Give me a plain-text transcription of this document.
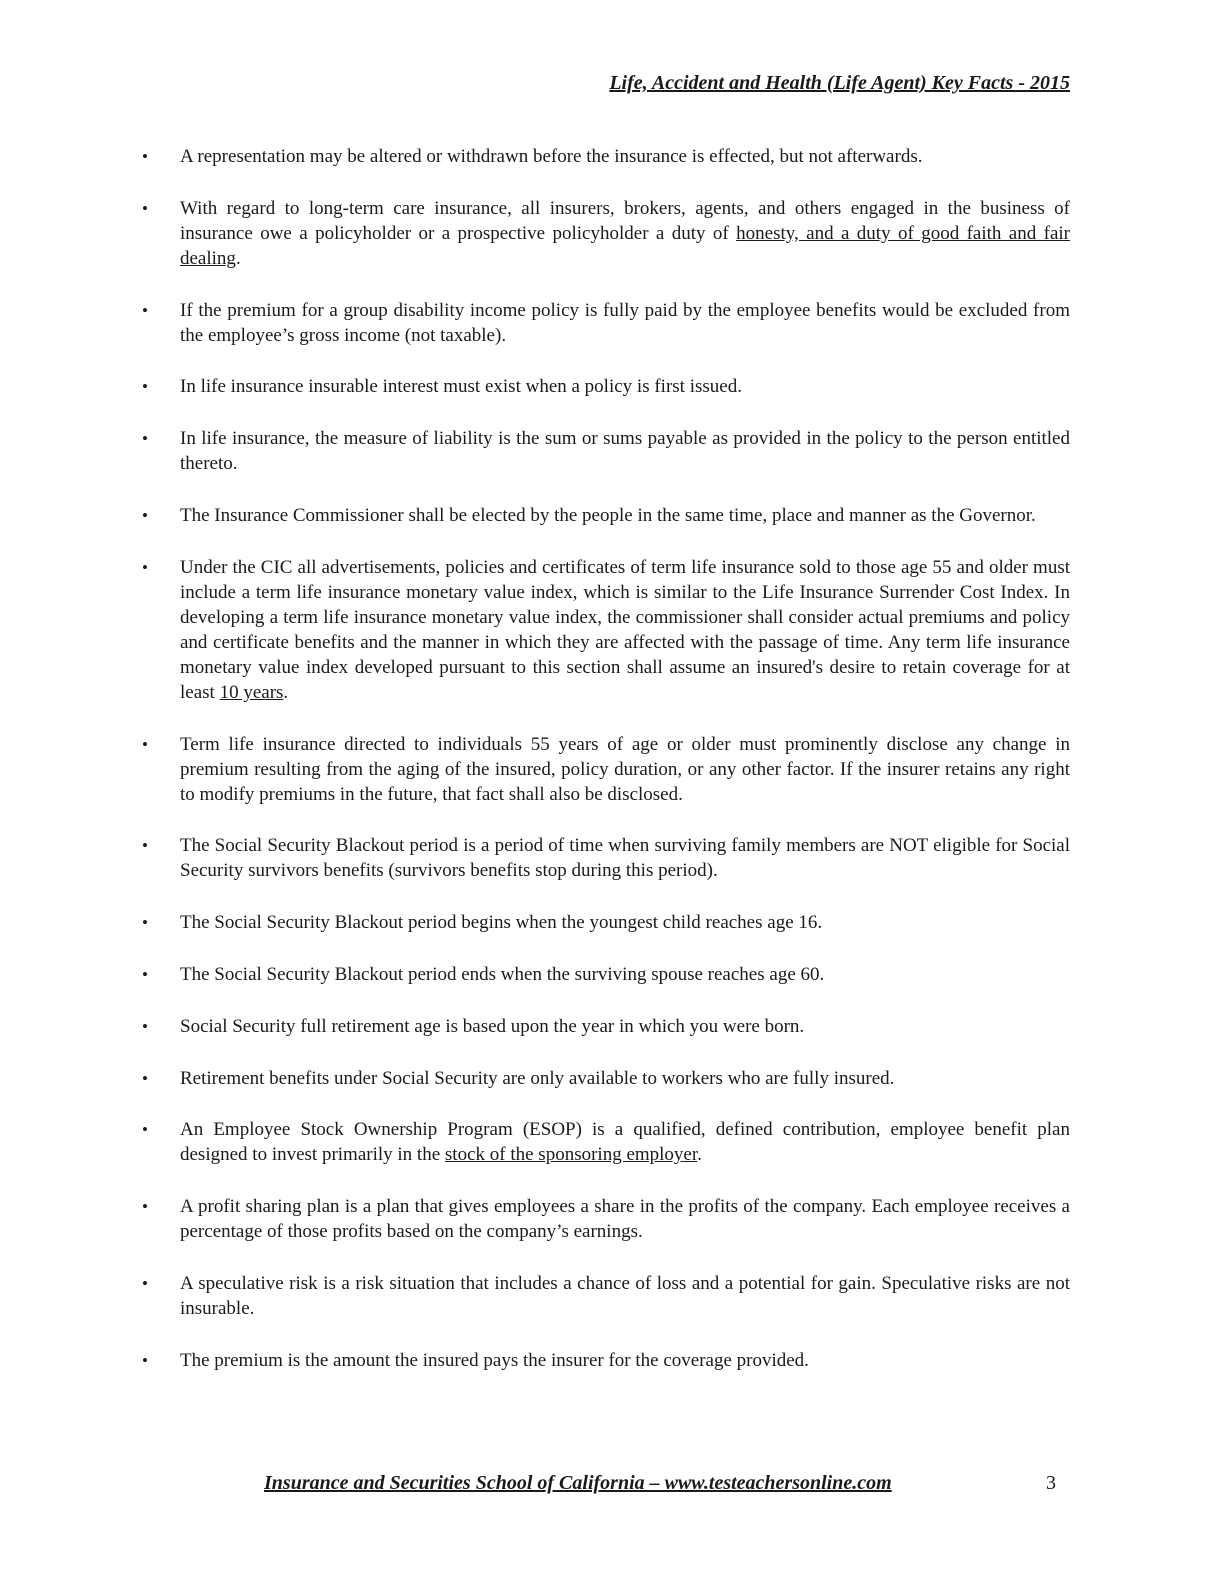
Life, Accident and Health (Life Agent) Key Facts - 2015
• A representation may be altered or withdrawn before the insurance is effected, but not afterwards.
• With regard to long-term care insurance, all insurers, brokers, agents, and others engaged in the business of insurance owe a policyholder or a prospective policyholder a duty of honesty, and a duty of good faith and fair dealing.
• If the premium for a group disability income policy is fully paid by the employee benefits would be excluded from the employee’s gross income (not taxable).
• In life insurance insurable interest must exist when a policy is first issued.
• In life insurance, the measure of liability is the sum or sums payable as provided in the policy to the person entitled thereto.
• The Insurance Commissioner shall be elected by the people in the same time, place and manner as the Governor.
• Under the CIC all advertisements, policies and certificates of term life insurance sold to those age 55 and older must include a term life insurance monetary value index, which is similar to the Life Insurance Surrender Cost Index. In developing a term life insurance monetary value index, the commissioner shall consider actual premiums and policy and certificate benefits and the manner in which they are affected with the passage of time. Any term life insurance monetary value index developed pursuant to this section shall assume an insured's desire to retain coverage for at least 10 years.
• Term life insurance directed to individuals 55 years of age or older must prominently disclose any change in premium resulting from the aging of the insured, policy duration, or any other factor. If the insurer retains any right to modify premiums in the future, that fact shall also be disclosed.
• The Social Security Blackout period is a period of time when surviving family members are NOT eligible for Social Security survivors benefits (survivors benefits stop during this period).
• The Social Security Blackout period begins when the youngest child reaches age 16.
• The Social Security Blackout period ends when the surviving spouse reaches age 60.
• Social Security full retirement age is based upon the year in which you were born.
• Retirement benefits under Social Security are only available to workers who are fully insured.
• An Employee Stock Ownership Program (ESOP) is a qualified, defined contribution, employee benefit plan designed to invest primarily in the stock of the sponsoring employer.
• A profit sharing plan is a plan that gives employees a share in the profits of the company. Each employee receives a percentage of those profits based on the company’s earnings.
• A speculative risk is a risk situation that includes a chance of loss and a potential for gain. Speculative risks are not insurable.
• The premium is the amount the insured pays the insurer for the coverage provided.
Insurance and Securities School of California – www.testeachersonline.com	3
